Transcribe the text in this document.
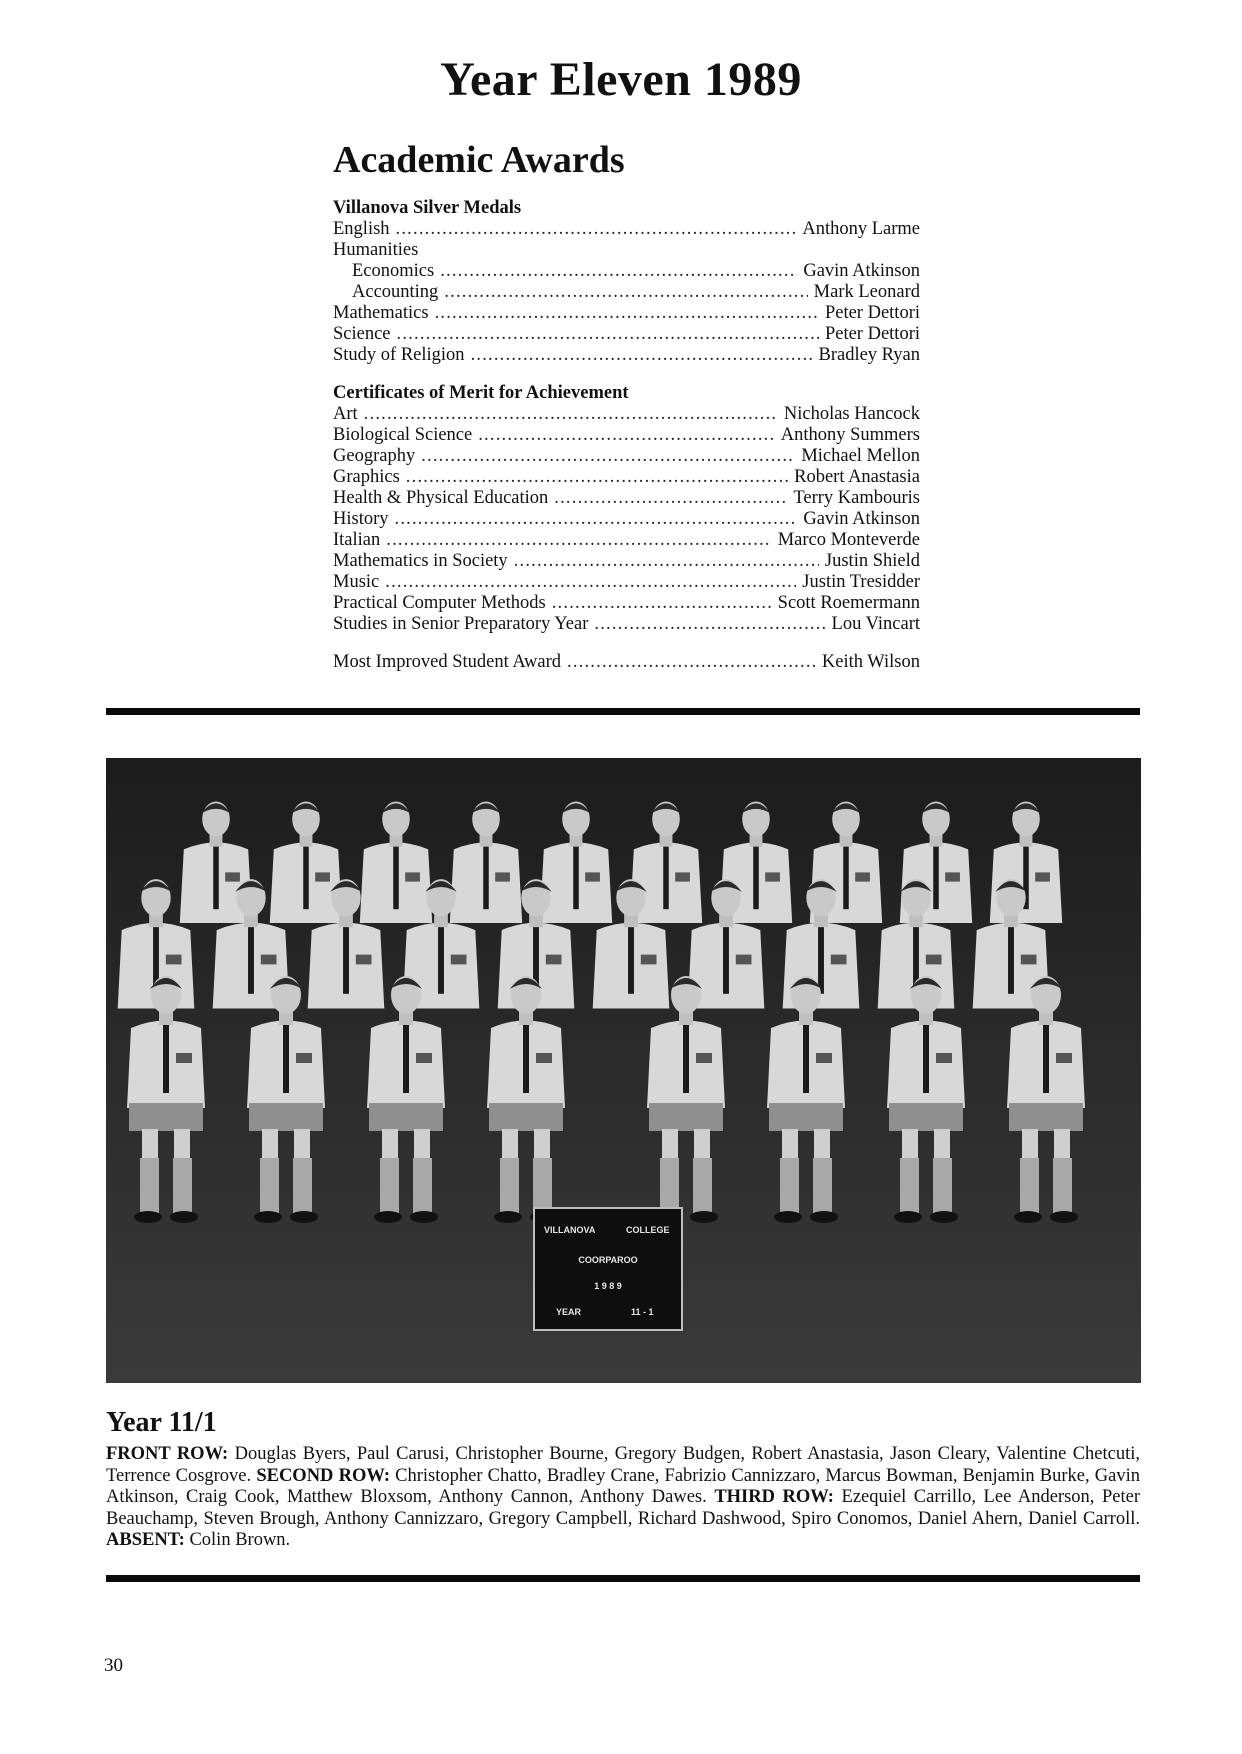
Year Eleven 1989
Academic Awards
Villanova Silver Medals
English .....	Anthony Larme
Humanities
Economics .....	Gavin Atkinson
Accounting .....	Mark Leonard
Mathematics .....	Peter Dettori
Science .....	Peter Dettori
Study of Religion .....	Bradley Ryan
Certificates of Merit for Achievement
Art .....	Nicholas Hancock
Biological Science .....	Anthony Summers
Geography .....	Michael Mellon
Graphics .....	Robert Anastasia
Health & Physical Education .....	Terry Kambouris
History .....	Gavin Atkinson
Italian .....	Marco Monteverde
Mathematics in Society .....	Justin Shield
Music .....	Justin Tresidder
Practical Computer Methods .....	Scott Roemermann
Studies in Senior Preparatory Year .....	Lou Vincart
Most Improved Student Award .....	Keith Wilson
VILLANOVA	COLLEGE
COORPAROO
1 9 8 9
YEAR	11 - 1
Year 11/1
FRONT ROW: Douglas Byers, Paul Carusi, Christopher Bourne, Gregory Budgen, Robert Anastasia, Jason Cleary, Valentine Chetcuti, Terrence Cosgrove. SECOND ROW: Christopher Chatto, Bradley Crane, Fabrizio Cannizzaro, Marcus Bowman, Benjamin Burke, Gavin Atkinson, Craig Cook, Matthew Bloxsom, Anthony Cannon, Anthony Dawes. THIRD ROW: Ezequiel Carrillo, Lee Anderson, Peter Beauchamp, Steven Brough, Anthony Cannizzaro, Gregory Campbell, Richard Dashwood, Spiro Conomos, Daniel Ahern, Daniel Carroll. ABSENT: Colin Brown.
30
